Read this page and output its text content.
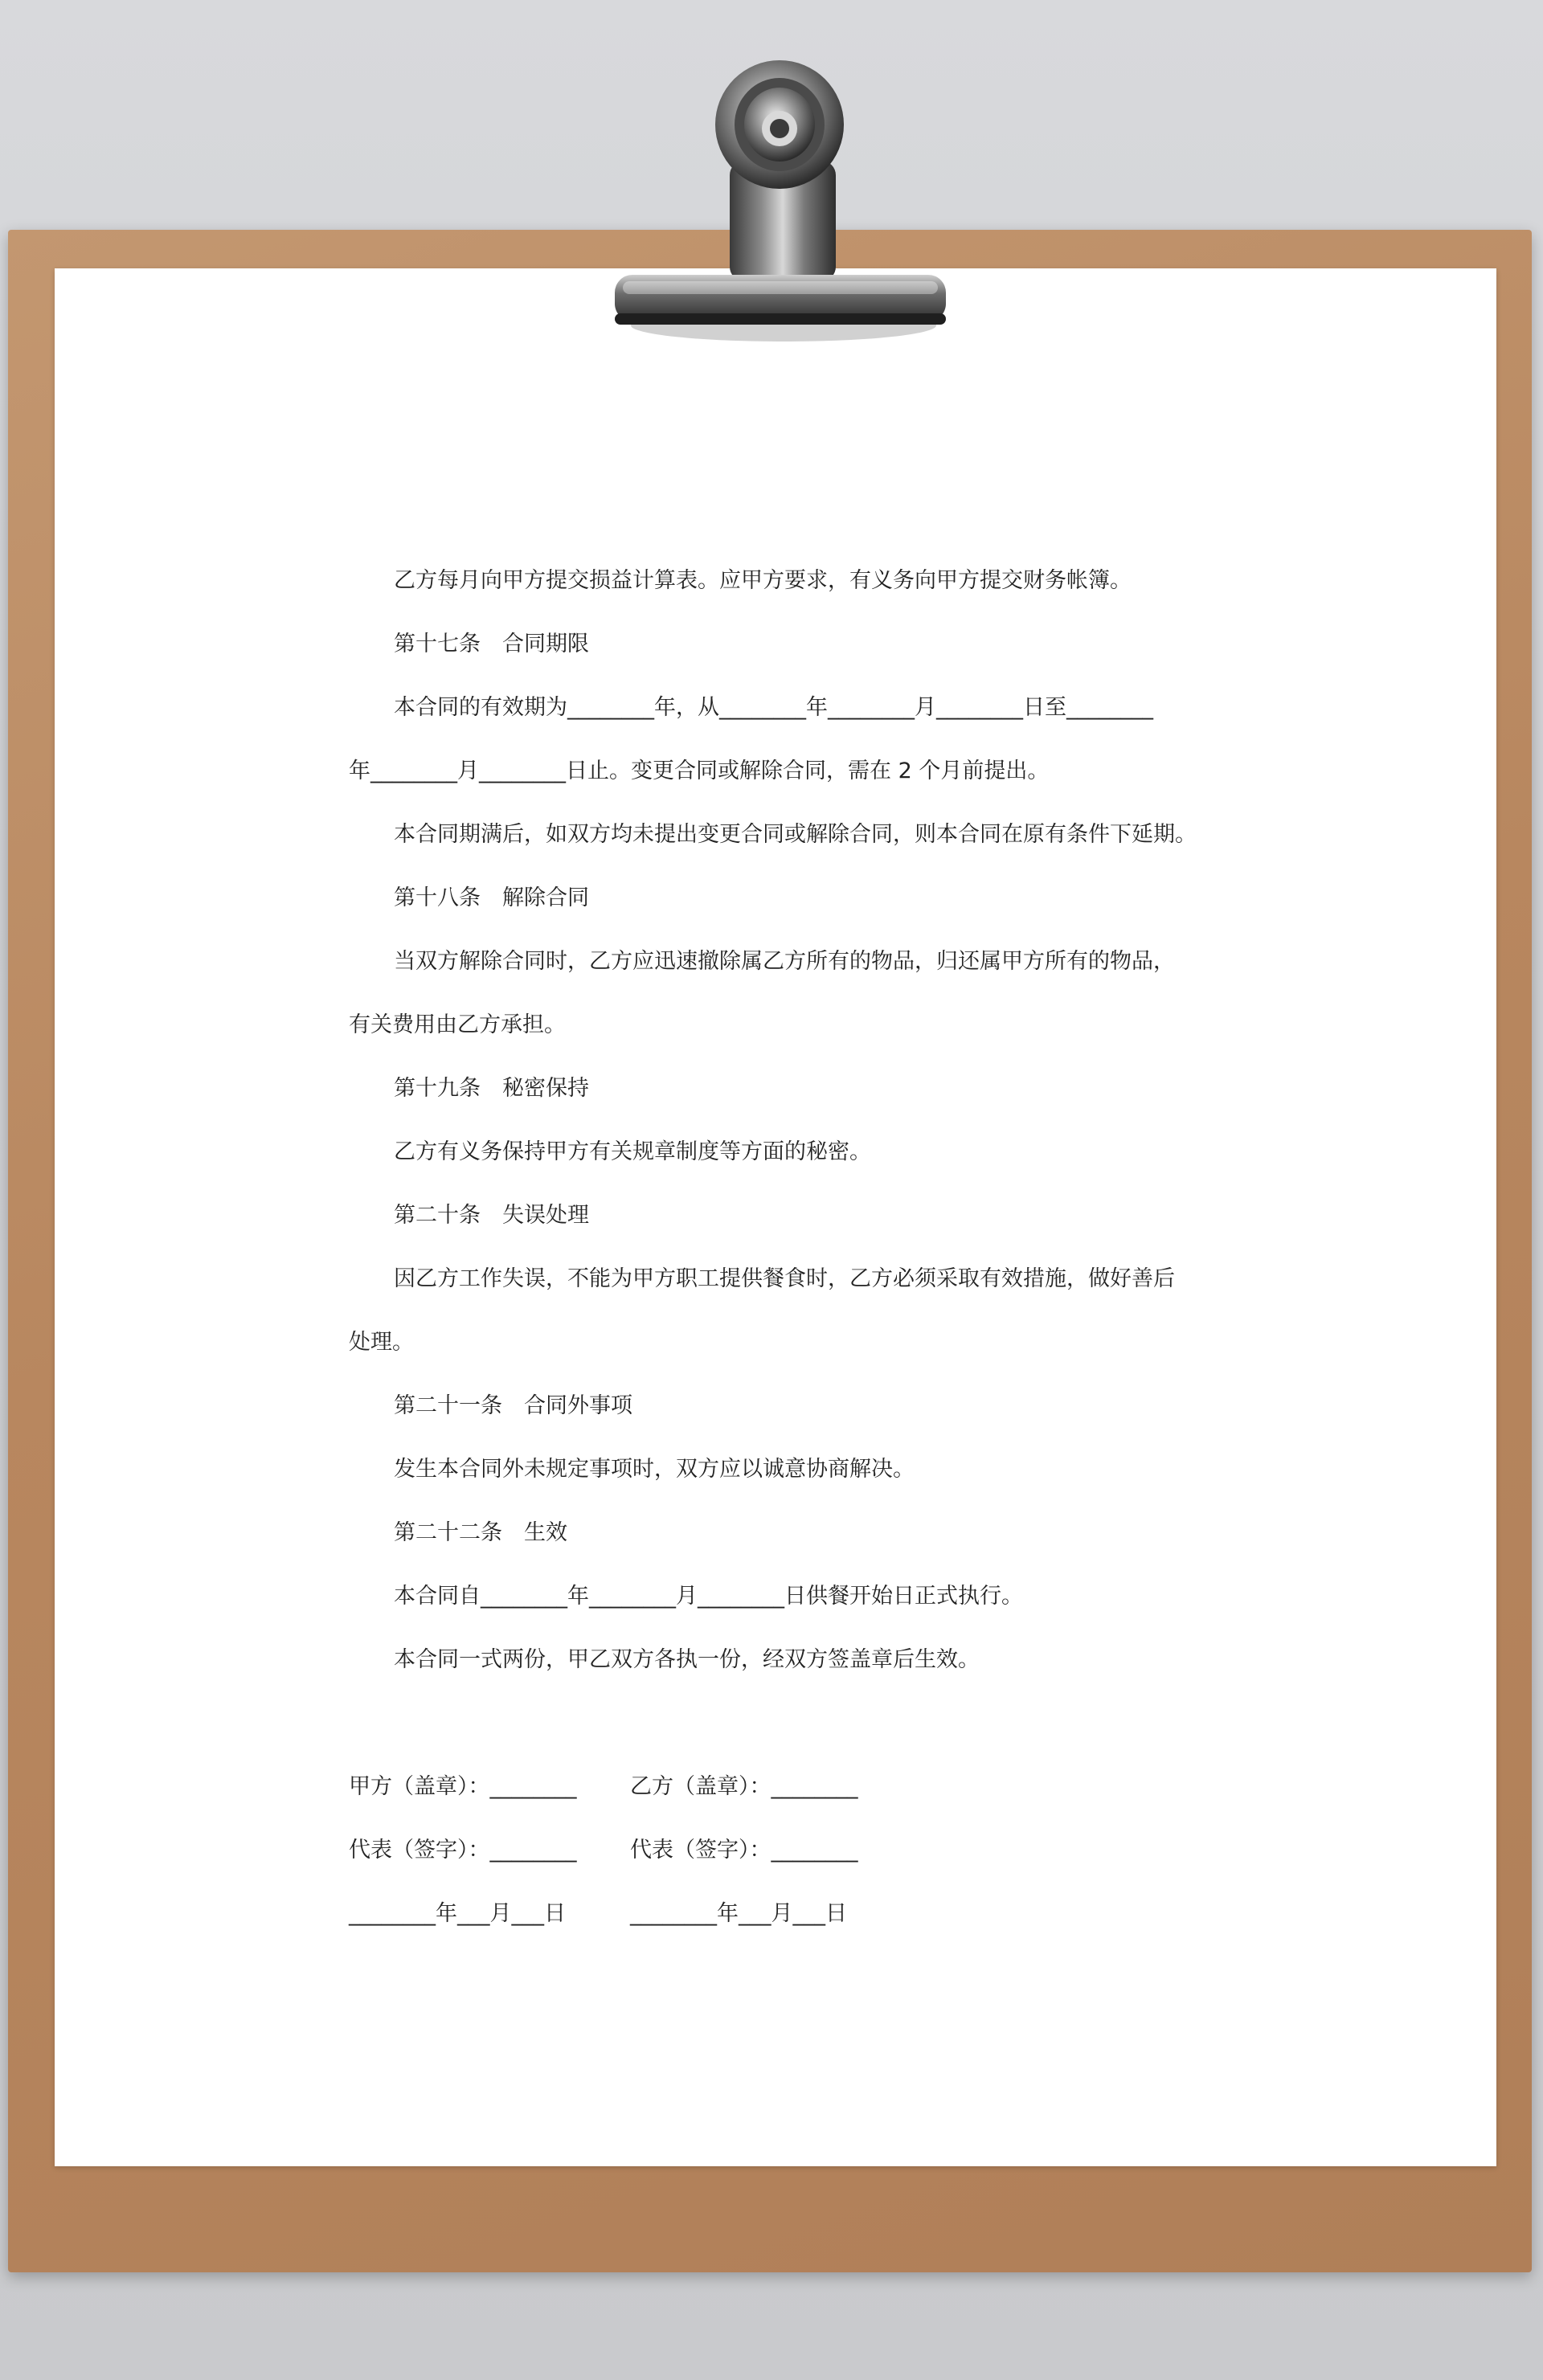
乙方每月向甲方提交损益计算表。应甲方要求，有义务向甲方提交财务帐簿。
第十七条　合同期限
本合同的有效期为________年，从________年________月________日至________
年________月________日止。变更合同或解除合同，需在 2 个月前提出。
本合同期满后，如双方均未提出变更合同或解除合同，则本合同在原有条件下延期。
第十八条　解除合同
当双方解除合同时，乙方应迅速撤除属乙方所有的物品，归还属甲方所有的物品，
有关费用由乙方承担。
第十九条　秘密保持
乙方有义务保持甲方有关规章制度等方面的秘密。
第二十条　失误处理
因乙方工作失误，不能为甲方职工提供餐食时，乙方必须采取有效措施，做好善后
处理。
第二十一条　合同外事项
发生本合同外未规定事项时，双方应以诚意协商解决。
第二十二条　生效
本合同自________年________月________日供餐开始日正式执行。
本合同一式两份，甲乙双方各执一份，经双方签盖章后生效。
甲方（盖章）：________	乙方（盖章）：________
代表（签字）：________	代表（签字）：________
________年___月___日	________年___月___日
